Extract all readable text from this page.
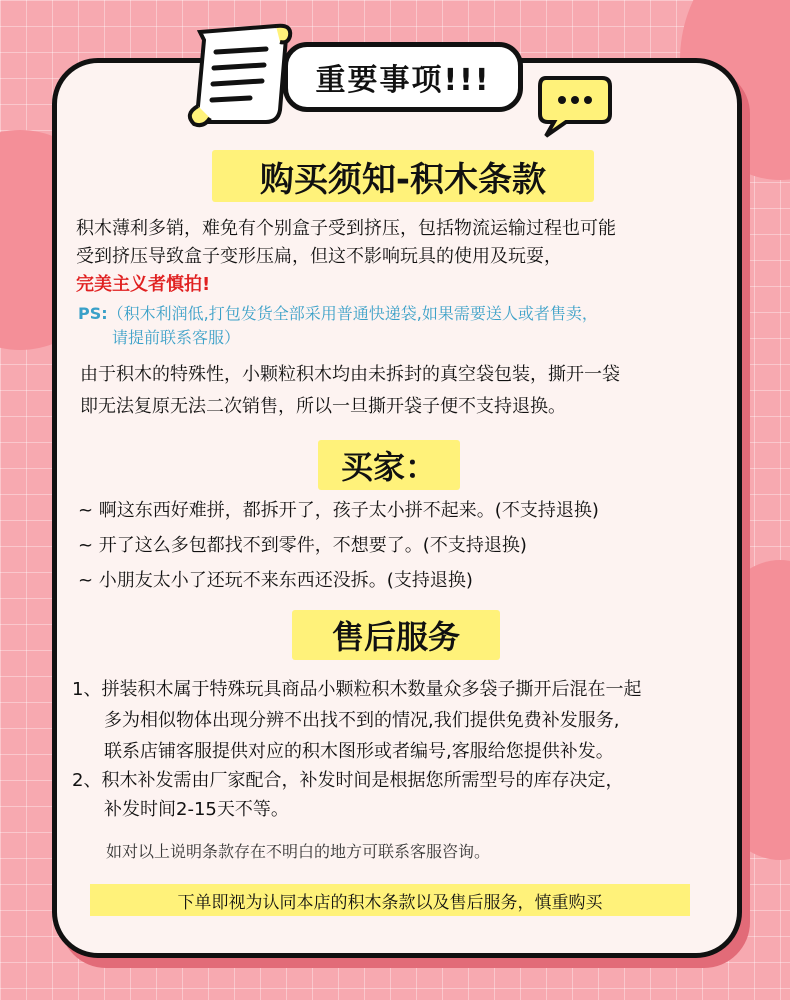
重要事项!!!
购买须知-积木条款
积木薄利多销，难免有个别盒子受到挤压，包括物流运输过程也可能
受到挤压导致盒子变形压扁，但这不影响玩具的使用及玩耍，
完美主义者慎拍!
PS:（积木利润低,打包发货全部采用普通快递袋,如果需要送人或者售卖，
请提前联系客服）
由于积木的特殊性，小颗粒积木均由未拆封的真空袋包装，撕开一袋
即无法复原无法二次销售，所以一旦撕开袋子便不支持退换。
买家：
~ 啊这东西好难拼，都拆开了，孩子太小拼不起来。(不支持退换)
~ 开了这么多包都找不到零件，不想要了。(不支持退换)
~ 小朋友太小了还玩不来东西还没拆。(支持退换)
售后服务
1、拼装积木属于特殊玩具商品小颗粒积木数量众多袋子撕开后混在一起
多为相似物体出现分辨不出找不到的情况,我们提供免费补发服务,
联系店铺客服提供对应的积木图形或者编号,客服给您提供补发。
2、积木补发需由厂家配合，补发时间是根据您所需型号的库存决定，
补发时间2-15天不等。
如对以上说明条款存在不明白的地方可联系客服咨询。
下单即视为认同本店的积木条款以及售后服务，慎重购买
